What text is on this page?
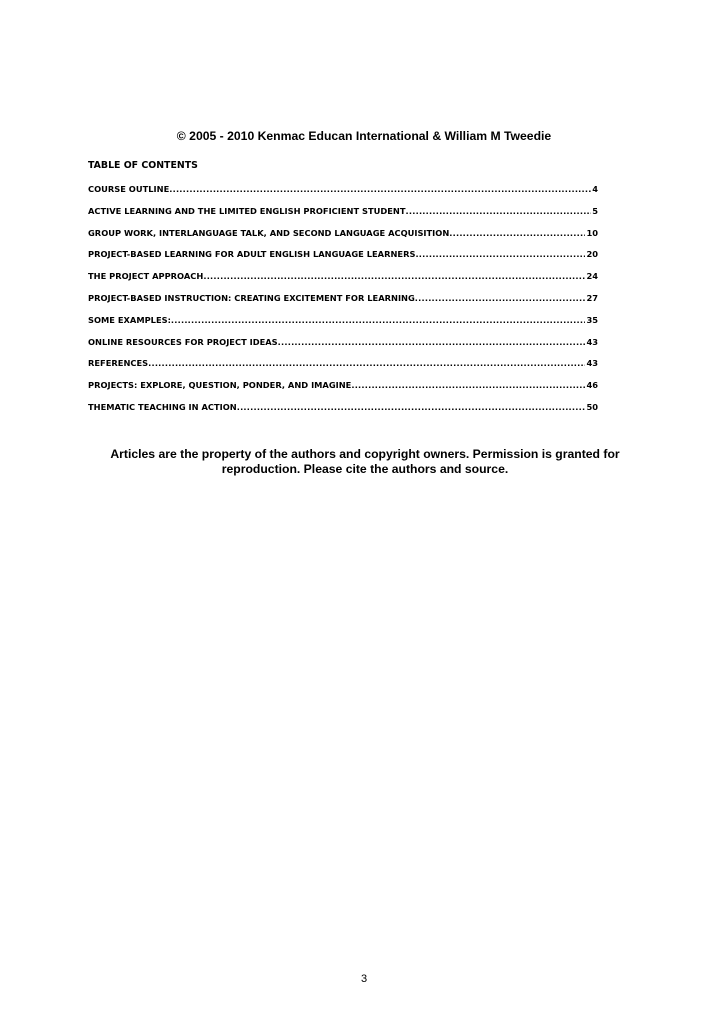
© 2005 - 2010 Kenmac Educan International & William M Tweedie
TABLE OF CONTENTS
COURSE OUTLINE .....	4
ACTIVE LEARNING AND THE LIMITED ENGLISH PROFICIENT STUDENT .....	5
GROUP WORK, INTERLANGUAGE TALK, AND SECOND LANGUAGE ACQUISITION .....	10
PROJECT-BASED LEARNING FOR ADULT ENGLISH LANGUAGE LEARNERS .....	20
THE PROJECT APPROACH .....	24
PROJECT-BASED INSTRUCTION: CREATING EXCITEMENT FOR LEARNING .....	27
SOME EXAMPLES: .....	35
ONLINE RESOURCES FOR PROJECT IDEAS .....	43
REFERENCES .....	43
PROJECTS: EXPLORE, QUESTION, PONDER, AND IMAGINE .....	46
THEMATIC TEACHING IN ACTION .....	50
Articles are the property of the authors and copyright owners. Permission is granted for reproduction. Please cite the authors and source.
3
